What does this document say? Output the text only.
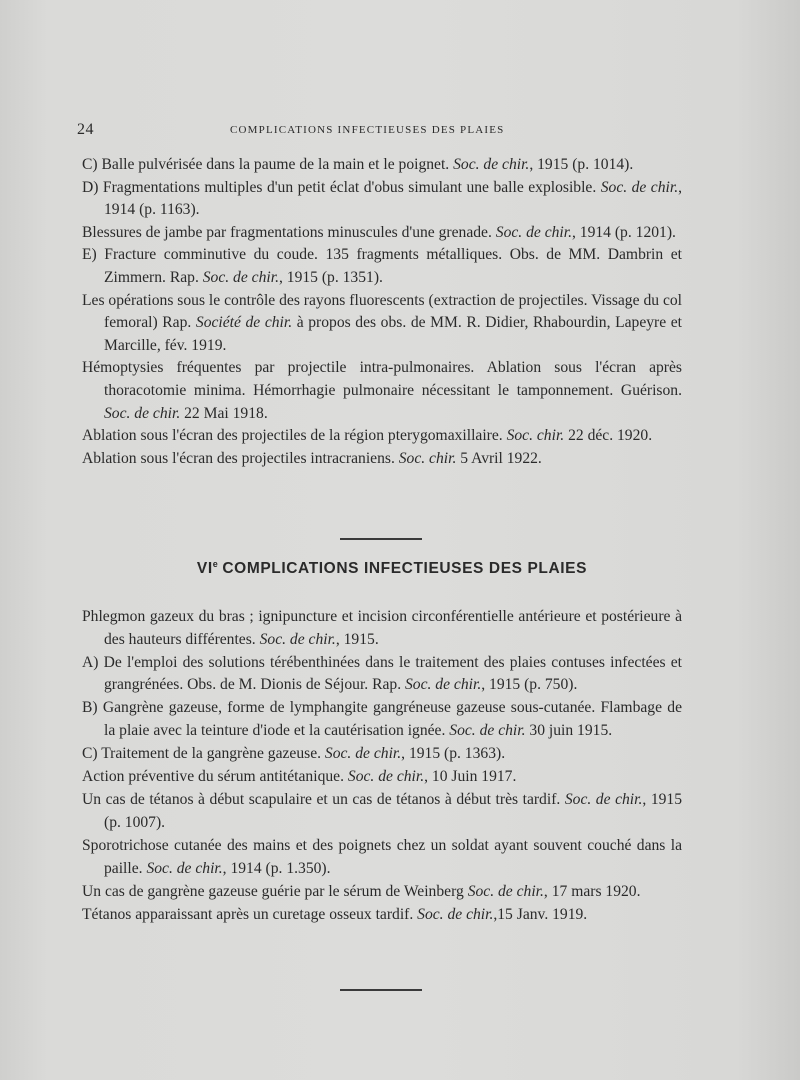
24	COMPLICATIONS INFECTIEUSES DES PLAIES

C) Balle pulvérisée dans la paume de la main et le poignet. Soc. de chir., 1915 (p. 1014).

D) Fragmentations multiples d'un petit éclat d'obus simulant une balle explosible. Soc. de chir., 1914 (p. 1163).

Blessures de jambe par fragmentations minuscules d'une grenade. Soc. de chir., 1914 (p. 1201).

E) Fracture comminutive du coude. 135 fragments métalliques. Obs. de MM. Dambrin et Zimmern. Rap. Soc. de chir., 1915 (p. 1351).

Les opérations sous le contrôle des rayons fluorescents (extraction de projectiles. Vissage du col femoral) Rap. Société de chir. à propos des obs. de MM. R. Didier, Rhabourdin, Lapeyre et Marcille, fév. 1919.

Hémoptysies fréquentes par projectile intra-pulmonaires. Ablation sous l'écran après thoracotomie minima. Hémorrhagie pulmonaire nécessitant le tamponnement. Guérison. Soc. de chir. 22 Mai 1918.

Ablation sous l'écran des projectiles de la région pterygomaxillaire. Soc. chir. 22 déc. 1920.

Ablation sous l'écran des projectiles intracraniens. Soc. chir. 5 Avril 1922.

VIe COMPLICATIONS INFECTIEUSES DES PLAIES

Phlegmon gazeux du bras ; ignipuncture et incision circonférentielle antérieure et postérieure à des hauteurs différentes. Soc. de chir., 1915.

A) De l'emploi des solutions térébenthinées dans le traitement des plaies contuses infectées et grangrénées. Obs. de M. Dionis de Séjour. Rap. Soc. de chir., 1915 (p. 750).

B) Gangrène gazeuse, forme de lymphangite gangréneuse gazeuse sous-cutanée. Flambage de la plaie avec la teinture d'iode et la cautérisation ignée. Soc. de chir. 30 juin 1915.

C) Traitement de la gangrène gazeuse. Soc. de chir., 1915 (p. 1363).

Action préventive du sérum antitétanique. Soc. de chir., 10 Juin 1917.

Un cas de tétanos à début scapulaire et un cas de tétanos à début très tardif. Soc. de chir., 1915 (p. 1007).

Sporotrichose cutanée des mains et des poignets chez un soldat ayant souvent couché dans la paille. Soc. de chir., 1914 (p. 1.350).

Un cas de gangrène gazeuse guérie par le sérum de Weinberg Soc. de chir., 17 mars 1920.

Tétanos apparaissant après un curetage osseux tardif. Soc. de chir.,15 Janv. 1919.
